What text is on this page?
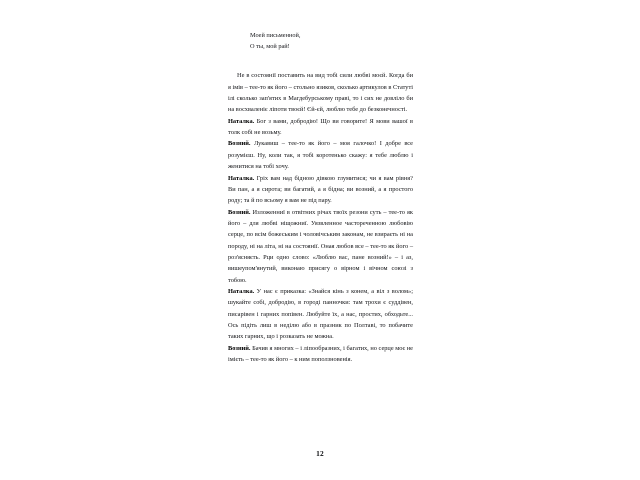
Моей письменной,
О ты, мой рай!

Не в состоянії поставить на вид тобі сили любві моєй. Когда би я імів – тее-то як його – стольно язиков, сколько артикулов в Статуті ілі сколько зап'ятих в Магдебурському праві, то і сих не довліло би на восхваленіє ліпоти твоєй! Єй-єй, люблю тебе до безконечності.

Наталка. Бог з вами, добродію! Що ви говорите! Я мови вашої в толк собі не возьму.

Возний. Лукавиш – тее-то як його – моя галочко! І добре все розумієш. Ну, коли так, я тобі коротенько скажу: я тебе люблю і женитися на тобі хочу.

Наталка. Гріх вам над бідною дівкою глумитися; чи я вам рівня? Ви пан, а я сирота; ви багатий, а я бідна; ви возний, а я простого роду; та й по всьому я вам не під пару.

Возний. Изложенниї в отвітних річах твоїх резони суть – тее-то як його – для любві ніщожниї. Уязвленное частореченною любовію серце, по всім божеським і чоловічським законам, не взираєть ні на породу, ні на літа, ні на состоянії. Оная любов все – тее-то як його – роз'ясняєть. Рци одно слово: «Люблю вас, пане возний!» – і аз, вишеупом'янутий, виконаю присягу о вірном і вічном союзі з тобою.

Наталка. У нас є приказка: «Знайся кінь з конем, а віл з волом»; шукайте собі, добродію, в городі панночки: там трохи є суддівен, писарівен і гарних попівен. Любуйте їх, а нас, простих, обходьте... Ось підіть лиш в неділю або в празник по Полтаві, то побачите таких гарних, що і розказать не можна.

Возний. Бачив я многих – і ліпообразних, і багатих, но серце моє не імієть – тее-то як його – к ним поползновенія.

12
